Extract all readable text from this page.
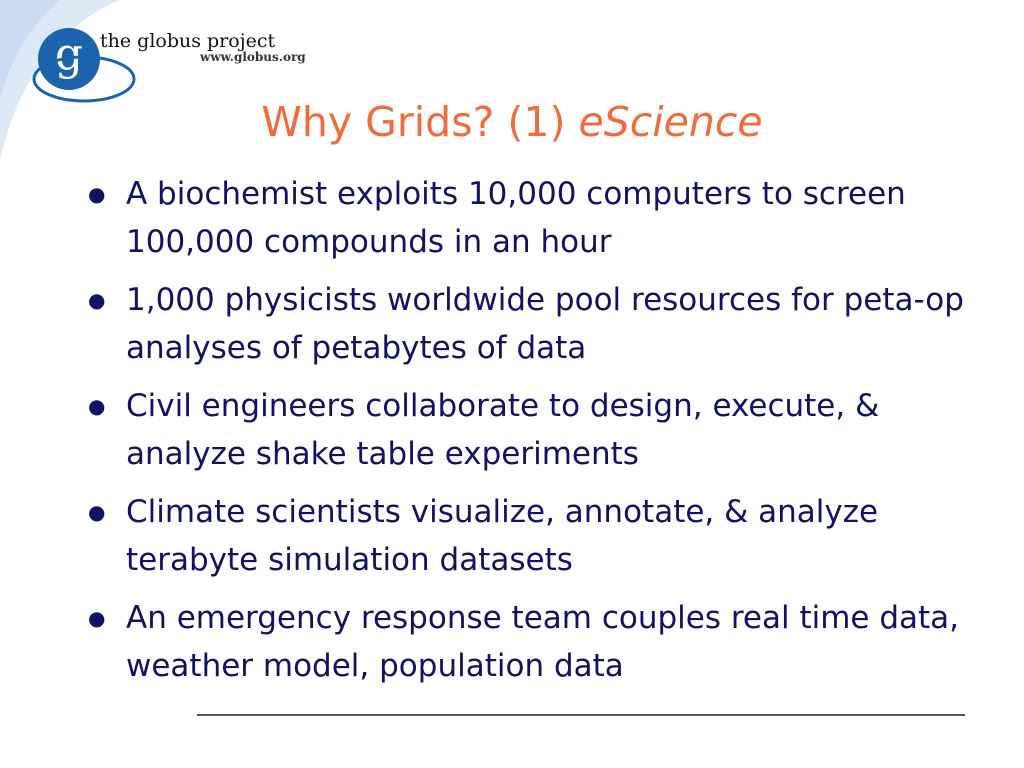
g the globus project
www.globus.org
Why Grids? (1) eScience
● A biochemist exploits 10,000 computers to screen 100,000 compounds in an hour
● 1,000 physicists worldwide pool resources for peta-op analyses of petabytes of data
● Civil engineers collaborate to design, execute, & analyze shake table experiments
● Climate scientists visualize, annotate, & analyze terabyte simulation datasets
● An emergency response team couples real time data, weather model, population data
